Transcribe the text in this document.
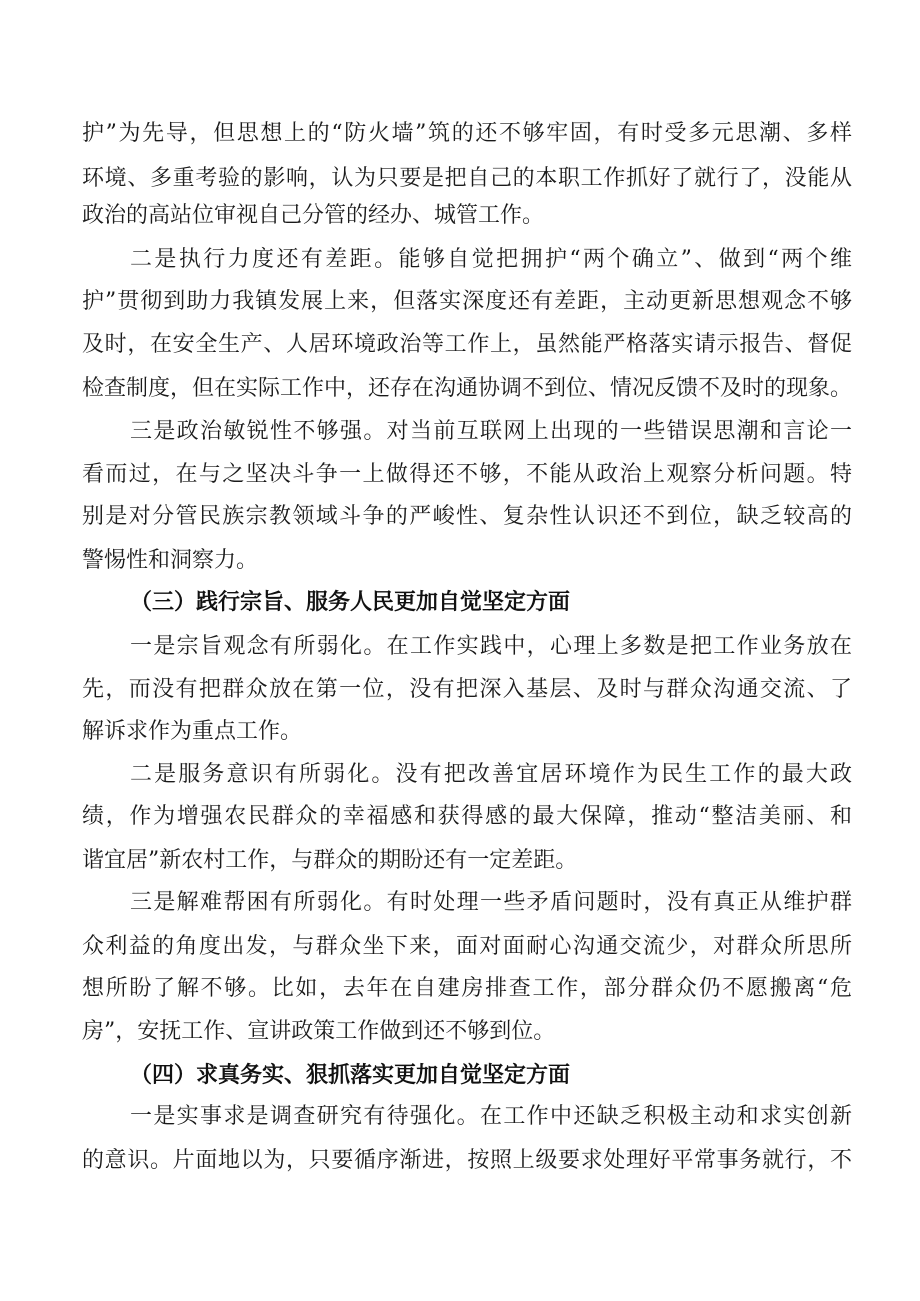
护”为先导，但思想上的“防火墙”筑的还不够牢固，有时受多元思潮、多样
环境、多重考验的影响，认为只要是把自己的本职工作抓好了就行了，没能从
政治的高站位审视自己分管的经办、城管工作。
二是执行力度还有差距。能够自觉把拥护“两个确立”、做到“两个维
护”贯彻到助力我镇发展上来，但落实深度还有差距，主动更新思想观念不够
及时，在安全生产、人居环境政治等工作上，虽然能严格落实请示报告、督促
检查制度，但在实际工作中，还存在沟通协调不到位、情况反馈不及时的现象。
三是政治敏锐性不够强。对当前互联网上出现的一些错误思潮和言论一
看而过，在与之坚决斗争一上做得还不够，不能从政治上观察分析问题。特
别是对分管民族宗教领域斗争的严峻性、复杂性认识还不到位，缺乏较高的
警惕性和洞察力。
（三）践行宗旨、服务人民更加自觉坚定方面
一是宗旨观念有所弱化。在工作实践中，心理上多数是把工作业务放在
先，而没有把群众放在第一位，没有把深入基层、及时与群众沟通交流、了
解诉求作为重点工作。
二是服务意识有所弱化。没有把改善宜居环境作为民生工作的最大政
绩，作为增强农民群众的幸福感和获得感的最大保障，推动“整洁美丽、和
谐宜居”新农村工作，与群众的期盼还有一定差距。
三是解难帮困有所弱化。有时处理一些矛盾问题时，没有真正从维护群
众利益的角度出发，与群众坐下来，面对面耐心沟通交流少，对群众所思所
想所盼了解不够。比如，去年在自建房排查工作，部分群众仍不愿搬离“危
房”，安抚工作、宣讲政策工作做到还不够到位。
（四）求真务实、狠抓落实更加自觉坚定方面
一是实事求是调查研究有待强化。在工作中还缺乏积极主动和求实创新
的意识。片面地以为，只要循序渐进，按照上级要求处理好平常事务就行，不
